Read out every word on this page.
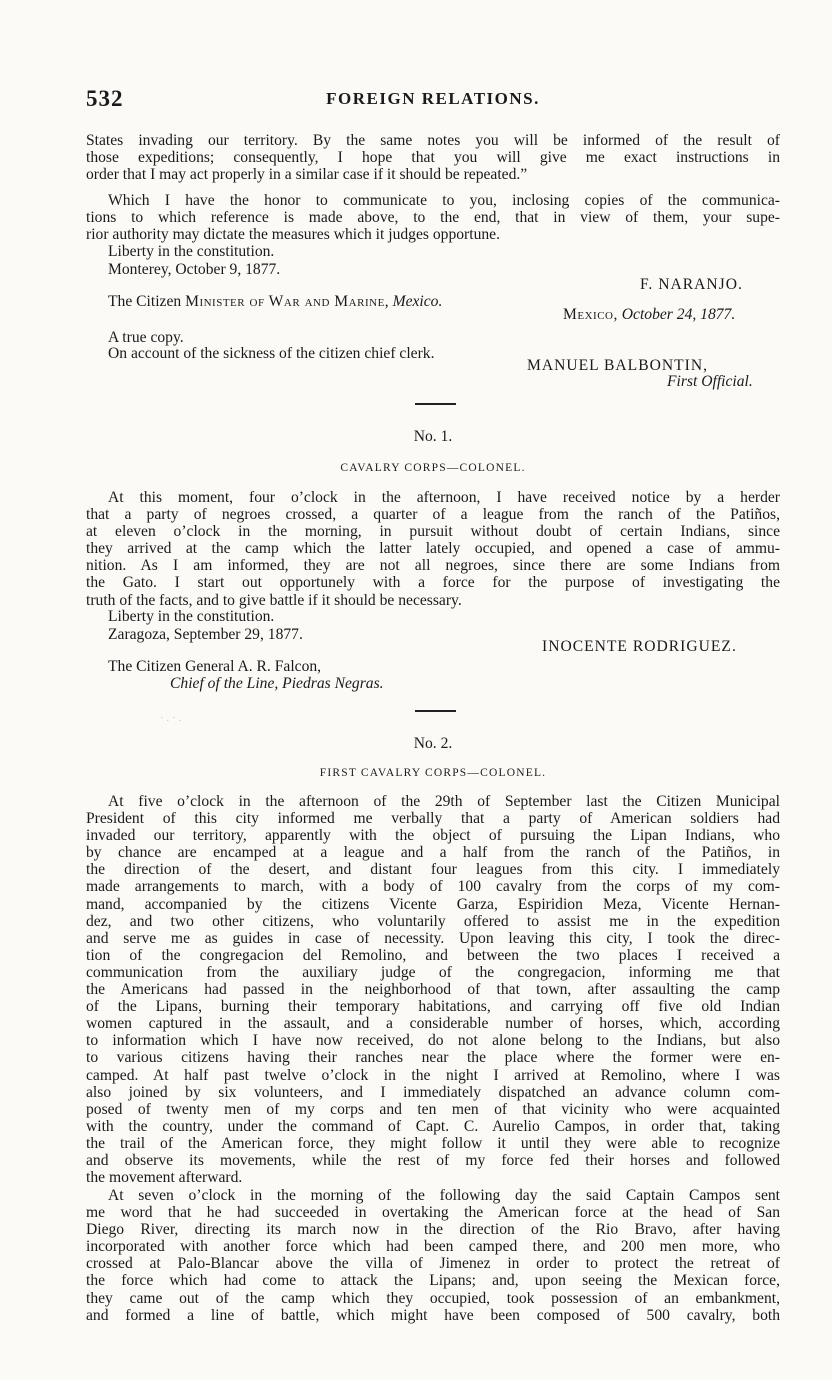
532	FOREIGN RELATIONS.
States invading our territory. By the same notes you will be informed of the result of
those expeditions; consequently, I hope that you will give me exact instructions in
order that I may act properly in a similar case if it should be repeated.”
Which I have the honor to communicate to you, inclosing copies of the communica-
tions to which reference is made above, to the end, that in view of them, your supe-
rior authority may dictate the measures which it judges opportune.
Liberty in the constitution.
Monterey, October 9, 1877.
F. NARANJO.
The Citizen Minister of War and Marine, Mexico.
Mexico, October 24, 1877.
A true copy.
On account of the sickness of the citizen chief clerk.
MANUEL BALBONTIN,
First Official.
No. 1.
CAVALRY CORPS—COLONEL.
At this moment, four o’clock in the afternoon, I have received notice by a herder
that a party of negroes crossed, a quarter of a league from the ranch of the Patiños,
at eleven o’clock in the morning, in pursuit without doubt of certain Indians, since
they arrived at the camp which the latter lately occupied, and opened a case of ammu-
nition. As I am informed, they are not all negroes, since there are some Indians from
the Gato. I start out opportunely with a force for the purpose of investigating the
truth of the facts, and to give battle if it should be necessary.
Liberty in the constitution.
Zaragoza, September 29, 1877.
INOCENTE RODRIGUEZ.
The Citizen General A. R. Falcon,
Chief of the Line, Piedras Negras.
· . · .
No. 2.
FIRST CAVALRY CORPS—COLONEL.
At five o’clock in the afternoon of the 29th of September last the Citizen Municipal
President of this city informed me verbally that a party of American soldiers had
invaded our territory, apparently with the object of pursuing the Lipan Indians, who
by chance are encamped at a league and a half from the ranch of the Patiños, in
the direction of the desert, and distant four leagues from this city. I immediately
made arrangements to march, with a body of 100 cavalry from the corps of my com-
mand, accompanied by the citizens Vicente Garza, Espiridion Meza, Vicente Hernan-
dez, and two other citizens, who voluntarily offered to assist me in the expedition
and serve me as guides in case of necessity. Upon leaving this city, I took the direc-
tion of the congregacion del Remolino, and between the two places I received a
communication from the auxiliary judge of the congregacion, informing me that
the Americans had passed in the neighborhood of that town, after assaulting the camp
of the Lipans, burning their temporary habitations, and carrying off five old Indian
women captured in the assault, and a considerable number of horses, which, according
to information which I have now received, do not alone belong to the Indians, but also
to various citizens having their ranches near the place where the former were en-
camped. At half past twelve o’clock in the night I arrived at Remolino, where I was
also joined by six volunteers, and I immediately dispatched an advance column com-
posed of twenty men of my corps and ten men of that vicinity who were acquainted
with the country, under the command of Capt. C. Aurelio Campos, in order that, taking
the trail of the American force, they might follow it until they were able to recognize
and observe its movements, while the rest of my force fed their horses and followed
the movement afterward.
At seven o’clock in the morning of the following day the said Captain Campos sent
me word that he had succeeded in overtaking the American force at the head of San
Diego River, directing its march now in the direction of the Rio Bravo, after having
incorporated with another force which had been camped there, and 200 men more, who
crossed at Palo-Blancar above the villa of Jimenez in order to protect the retreat of
the force which had come to attack the Lipans; and, upon seeing the Mexican force,
they came out of the camp which they occupied, took possession of an embankment,
and formed a line of battle, which might have been composed of 500 cavalry, both
